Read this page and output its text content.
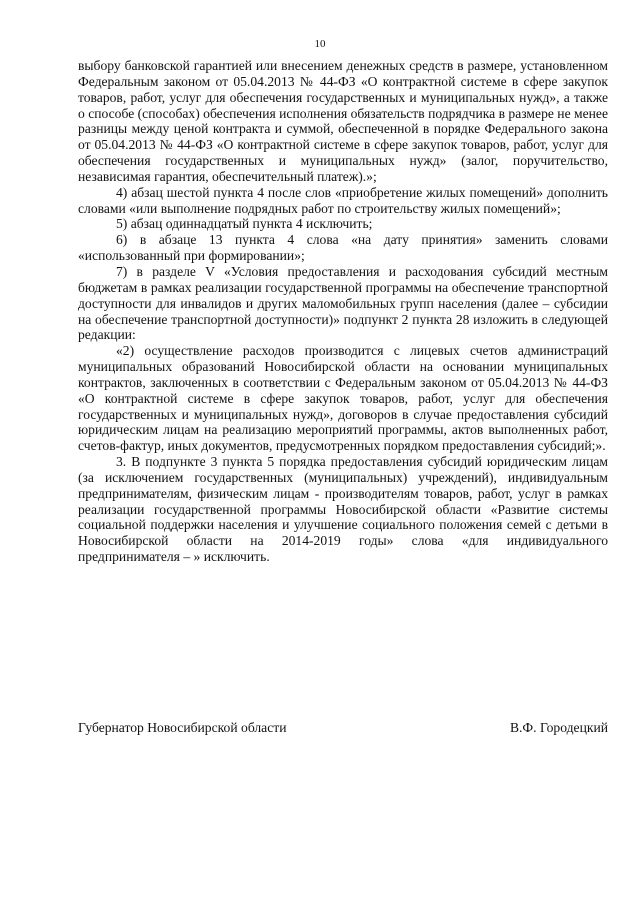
10

выбору банковской гарантией или внесением денежных средств в размере, установленном Федеральным законом от 05.04.2013 № 44-ФЗ «О контрактной системе в сфере закупок товаров, работ, услуг для обеспечения государственных и муниципальных нужд», а также о способе (способах) обеспечения исполнения обязательств подрядчика в размере не менее разницы между ценой контракта и суммой, обеспеченной в порядке Федерального закона от 05.04.2013 № 44-ФЗ «О контрактной системе в сфере закупок товаров, работ, услуг для обеспечения государственных и муниципальных нужд» (залог, поручительство, независимая гарантия, обеспечительный платеж).»;

4) абзац шестой пункта 4 после слов «приобретение жилых помещений» дополнить словами «или выполнение подрядных работ по строительству жилых помещений»;

5) абзац одиннадцатый пункта 4 исключить;

6) в абзаце 13 пункта 4 слова «на дату принятия» заменить словами «использованный при формировании»;

7) в разделе V «Условия предоставления и расходования субсидий местным бюджетам в рамках реализации государственной программы на обеспечение транспортной доступности для инвалидов и других маломобильных групп населения (далее – субсидии на обеспечение транспортной доступности)» подпункт 2 пункта 28 изложить в следующей редакции:

«2) осуществление расходов производится с лицевых счетов администраций муниципальных образований Новосибирской области на основании муниципальных контрактов, заключенных в соответствии с Федеральным законом от 05.04.2013 № 44-ФЗ «О контрактной системе в сфере закупок товаров, работ, услуг для обеспечения государственных и муниципальных нужд», договоров в случае предоставления субсидий юридическим лицам на реализацию мероприятий программы, актов выполненных работ, счетов-фактур, иных документов, предусмотренных порядком предоставления субсидий;».

3. В подпункте 3 пункта 5 порядка предоставления субсидий юридическим лицам (за исключением государственных (муниципальных) учреждений), индивидуальным предпринимателям, физическим лицам - производителям товаров, работ, услуг в рамках реализации государственной программы Новосибирской области «Развитие системы социальной поддержки населения и улучшение социального положения семей с детьми в Новосибирской области на 2014-2019 годы» слова «для индивидуального предпринимателя – » исключить.

Губернатор Новосибирской области	В.Ф. Городецкий
